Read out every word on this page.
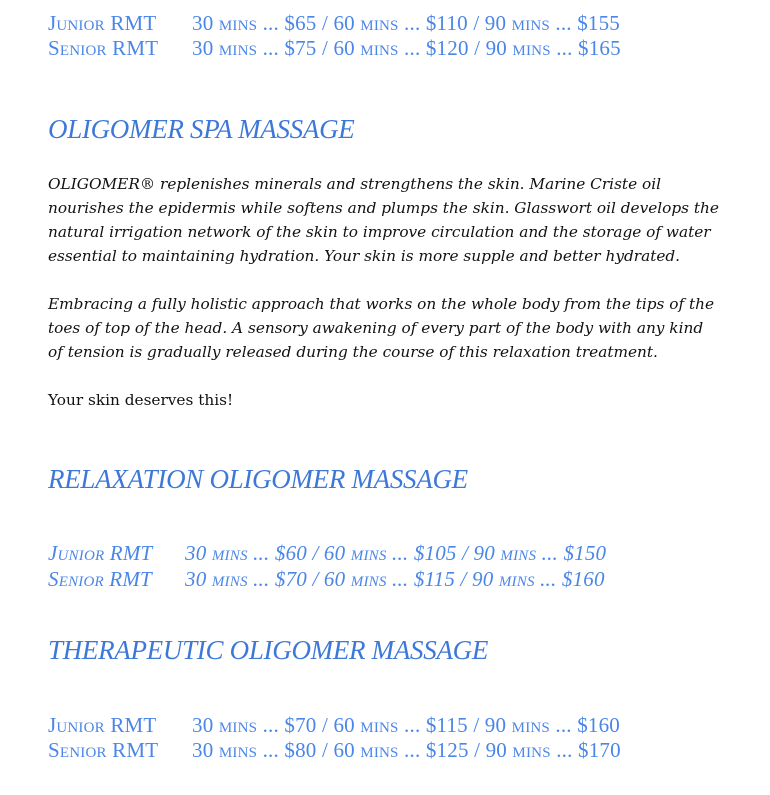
Junior RMT 30 mins ... $65 / 60 mins ... $110 / 90 mins ... $155
Senior RMT 30 mins ... $75 / 60 mins ... $120 / 90 mins ... $165
OLIGOMER SPA MASSAGE

OLIGOMER® replenishes minerals and strengthens the skin. Marine Criste oil nourishes the epidermis while softens and plumps the skin. Glasswort oil develops the natural irrigation network of the skin to improve circulation and the storage of water essential to maintaining hydration. Your skin is more supple and better hydrated.

Embracing a fully holistic approach that works on the whole body from the tips of the toes of top of the head. A sensory awakening of every part of the body with any kind of tension is gradually released during the course of this relaxation treatment.

Your skin deserves this!

RELAXATION OLIGOMER MASSAGE
Junior RMT 30 mins ... $60 / 60 mins ... $105 / 90 mins ... $150
Senior RMT 30 mins ... $70 / 60 mins ... $115 / 90 mins ... $160
THERAPEUTIC OLIGOMER MASSAGE
Junior RMT 30 mins ... $70 / 60 mins ... $115 / 90 mins ... $160
Senior RMT 30 mins ... $80 / 60 mins ... $125 / 90 mins ... $170
